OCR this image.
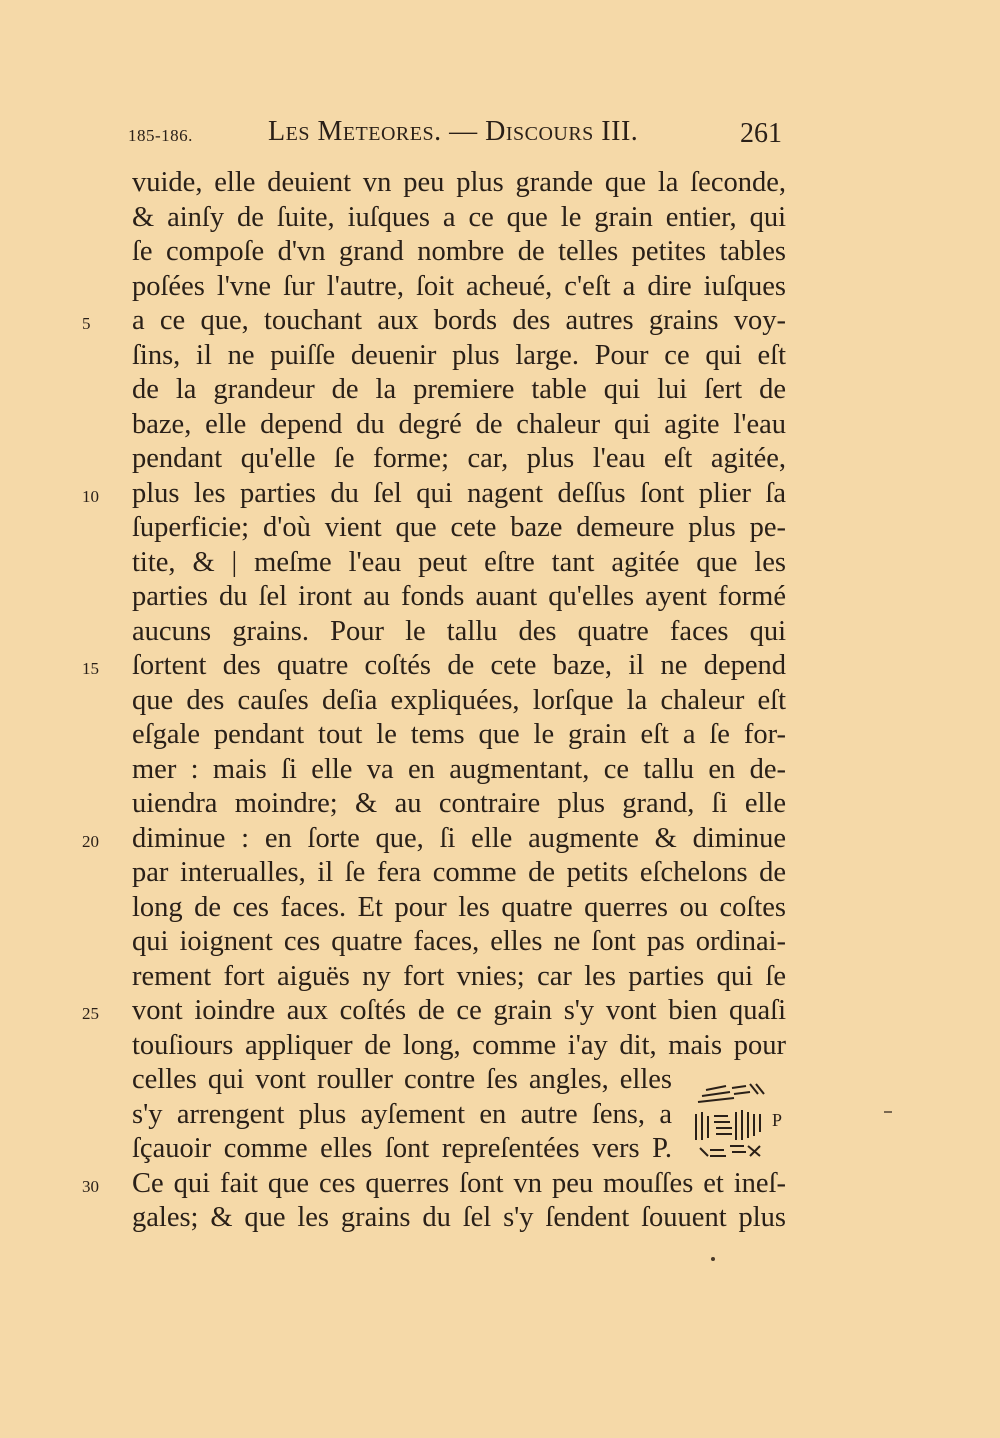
185-186.	Les Meteores. — Discours III.	261
vuide, elle deuient vn peu plus grande que la ſeconde,
& ainſy de ſuite, iuſques a ce que le grain entier, qui
ſe compoſe d'vn grand nombre de telles petites tables
poſées l'vne ſur l'autre, ſoit acheué, c'eſt a dire iuſques
a ce que, touchant aux bords des autres grains voy-
ſins, il ne puiſſe deuenir plus large. Pour ce qui eſt
de la grandeur de la premiere table qui lui ſert de
baze, elle depend du degré de chaleur qui agite l'eau
pendant qu'elle ſe forme; car, plus l'eau eſt agitée,
plus les parties du ſel qui nagent deſſus ſont plier ſa
ſuperficie; d'où vient que cete baze demeure plus pe-
tite, & | meſme l'eau peut eſtre tant agitée que les
parties du ſel iront au fonds auant qu'elles ayent formé
aucuns grains. Pour le tallu des quatre faces qui
ſortent des quatre coſtés de cete baze, il ne depend
que des cauſes deſia expliquées, lorſque la chaleur eſt
eſgale pendant tout le tems que le grain eſt a ſe for-
mer : mais ſi elle va en augmentant, ce tallu en de-
uiendra moindre; & au contraire plus grand, ſi elle
diminue : en ſorte que, ſi elle augmente & diminue
par interualles, il ſe fera comme de petits eſchelons de
long de ces faces. Et pour les quatre querres ou coſtes
qui ioignent ces quatre faces, elles ne ſont pas ordinai-
rement fort aiguës ny fort vnies; car les parties qui ſe
vont ioindre aux coſtés de ce grain s'y vont bien quaſi
touſiours appliquer de long, comme i'ay dit, mais pour
celles qui vont rouller contre ſes angles, elles
s'y arrengent plus ayſement en autre ſens, a
ſçauoir comme elles ſont repreſentées vers P.
Ce qui fait que ces querres ſont vn peu mouſſes et ineſ-
gales; & que les grains du ſel s'y ſendent ſouuent plus
5
10
15
20
25
30
P
